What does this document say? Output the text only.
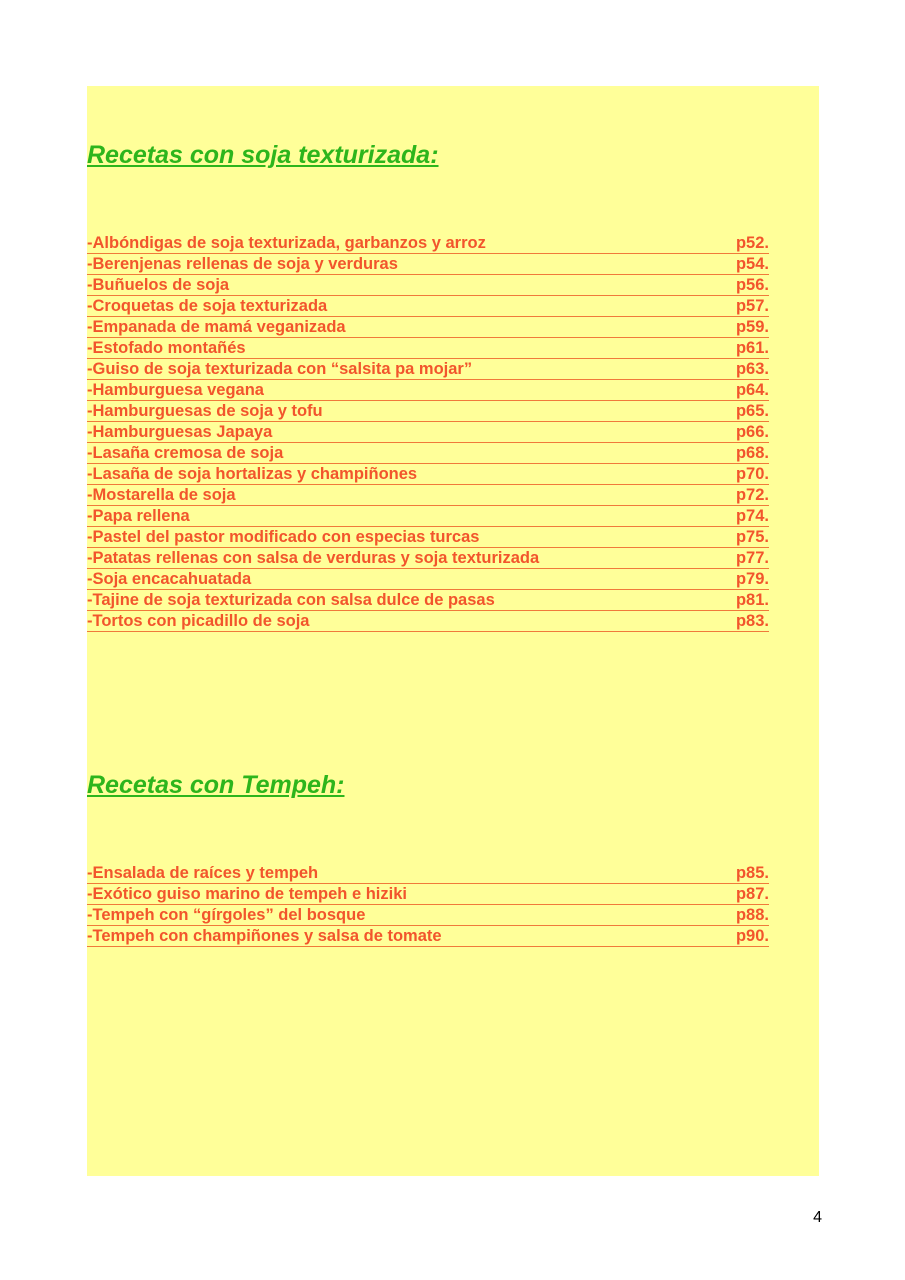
Recetas con soja texturizada:
-Albóndigas de soja texturizada, garbanzos y arroz	p52.
-Berenjenas rellenas de soja y verduras	p54.
-Buñuelos de soja	p56.
-Croquetas de soja texturizada	p57.
-Empanada de mamá veganizada	p59.
-Estofado montañés	p61.
-Guiso de soja texturizada con “salsita pa mojar”	p63.
-Hamburguesa vegana	p64.
-Hamburguesas de soja y tofu	p65.
-Hamburguesas Japaya	p66.
-Lasaña cremosa de soja	p68.
-Lasaña de soja hortalizas y champiñones	p70.
-Mostarella de soja	p72.
-Papa rellena	p74.
-Pastel del pastor modificado con especias turcas	p75.
-Patatas rellenas con salsa de verduras y soja texturizada	p77.
-Soja encacahuatada	p79.
-Tajine de soja texturizada con salsa dulce de pasas	p81.
-Tortos con picadillo de soja	p83.
Recetas con Tempeh:
-Ensalada de raíces y tempeh	p85.
-Exótico guiso marino de tempeh e hiziki	p87.
-Tempeh con “gírgoles” del bosque	p88.
-Tempeh con champiñones y salsa de tomate	p90.
4
